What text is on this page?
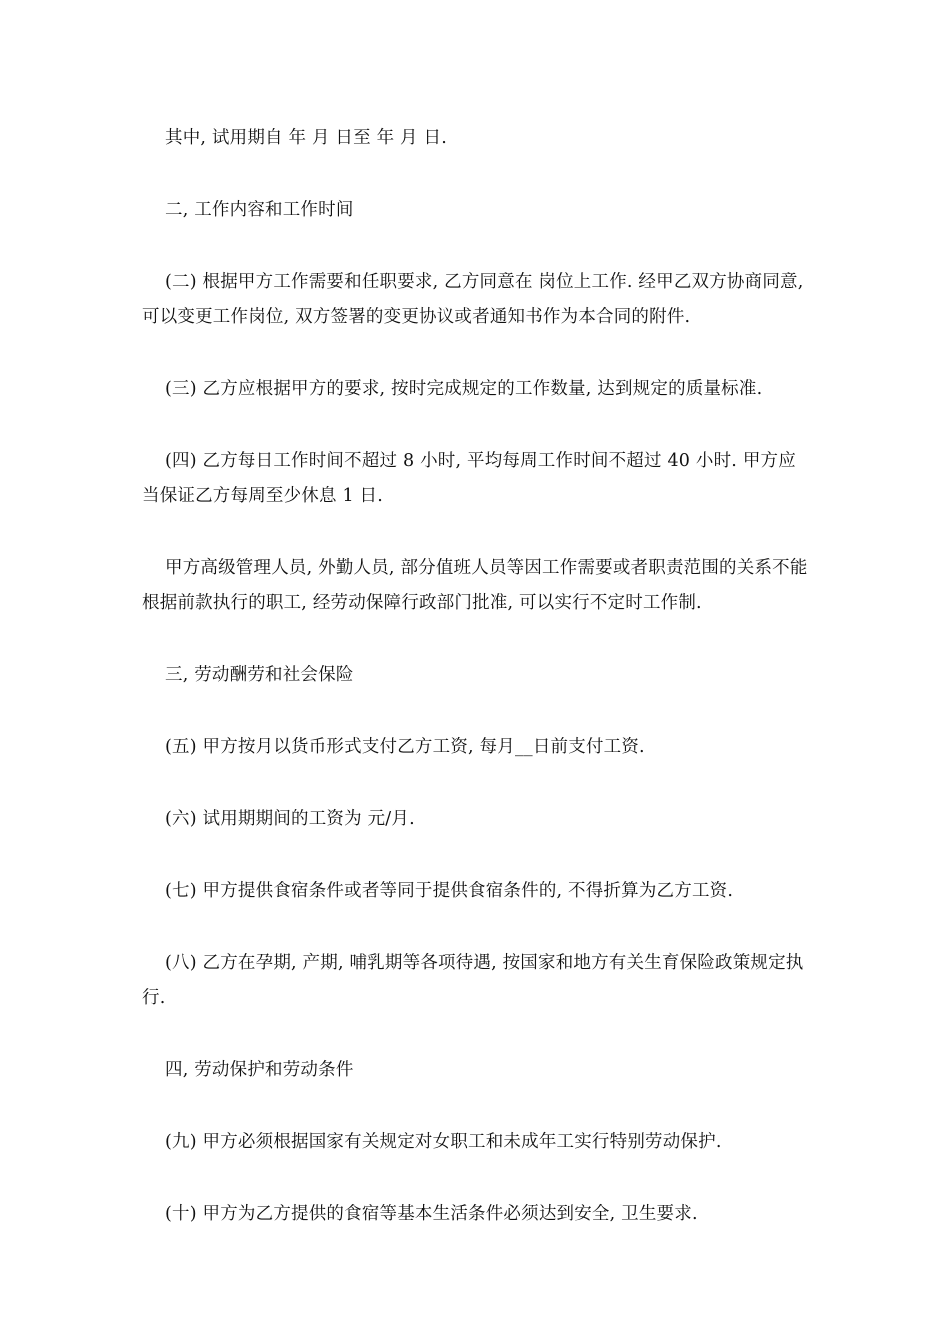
其中, 试用期自 年 月 日至 年 月 日.

二, 工作内容和工作时间

(二) 根据甲方工作需要和任职要求, 乙方同意在 岗位上工作. 经甲乙双方协商同意, 可以变更工作岗位, 双方签署的变更协议或者通知书作为本合同的附件.

(三) 乙方应根据甲方的要求, 按时完成规定的工作数量, 达到规定的质量标准.

(四) 乙方每日工作时间不超过 8 小时, 平均每周工作时间不超过 40 小时. 甲方应当保证乙方每周至少休息 1 日.

甲方高级管理人员, 外勤人员, 部分值班人员等因工作需要或者职责范围的关系不能根据前款执行的职工, 经劳动保障行政部门批准, 可以实行不定时工作制.

三, 劳动酬劳和社会保险

(五) 甲方按月以货币形式支付乙方工资, 每月__日前支付工资.

(六) 试用期期间的工资为 元/月.

(七) 甲方提供食宿条件或者等同于提供食宿条件的, 不得折算为乙方工资.

(八) 乙方在孕期, 产期, 哺乳期等各项待遇, 按国家和地方有关生育保险政策规定执行.

四, 劳动保护和劳动条件

(九) 甲方必须根据国家有关规定对女职工和未成年工实行特别劳动保护.

(十) 甲方为乙方提供的食宿等基本生活条件必须达到安全, 卫生要求.
